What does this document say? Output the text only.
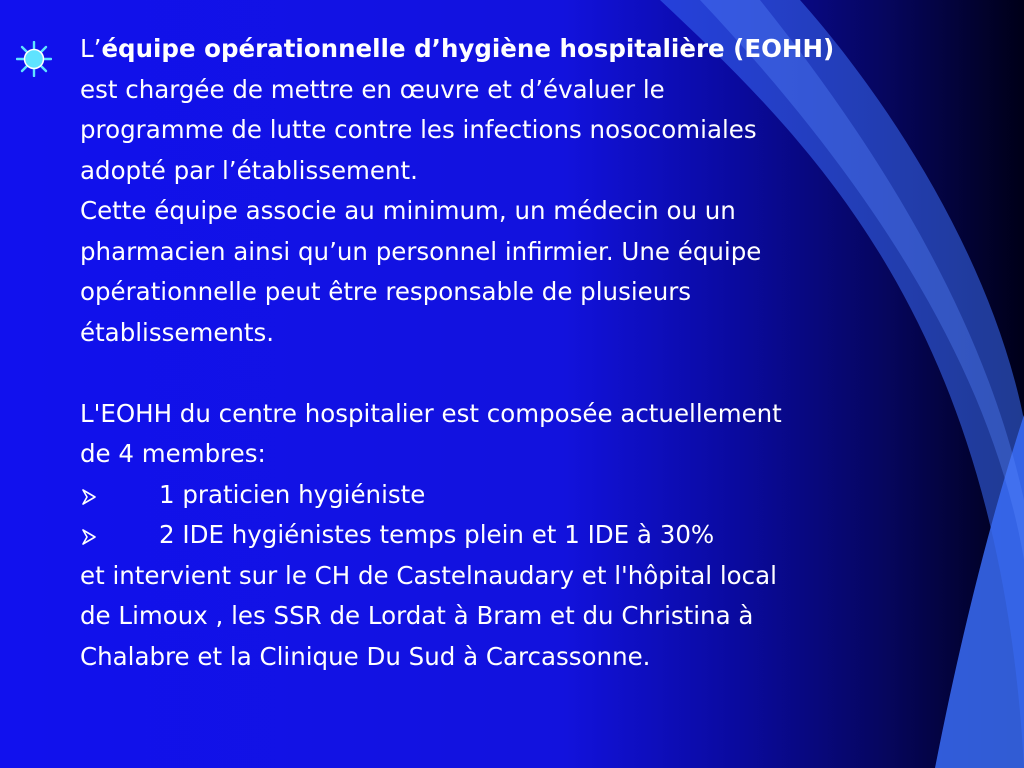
L’équipe opérationnelle d’hygiène hospitalière (EOHH)
est chargée de mettre en œuvre et d’évaluer le
programme de lutte contre les infections nosocomiales
adopté par l’établissement.
Cette équipe associe au minimum, un médecin ou un
pharmacien ainsi qu’un personnel infirmier. Une équipe
opérationnelle peut être responsable de plusieurs
établissements.
L'EOHH du centre hospitalier est composée actuellement
de 4 membres:
1 praticien hygiéniste
2 IDE hygiénistes temps plein et 1 IDE à 30%
et intervient sur le CH de Castelnaudary et l'hôpital local
de Limoux , les SSR de Lordat à Bram et du Christina à
Chalabre et la Clinique Du Sud à Carcassonne.
